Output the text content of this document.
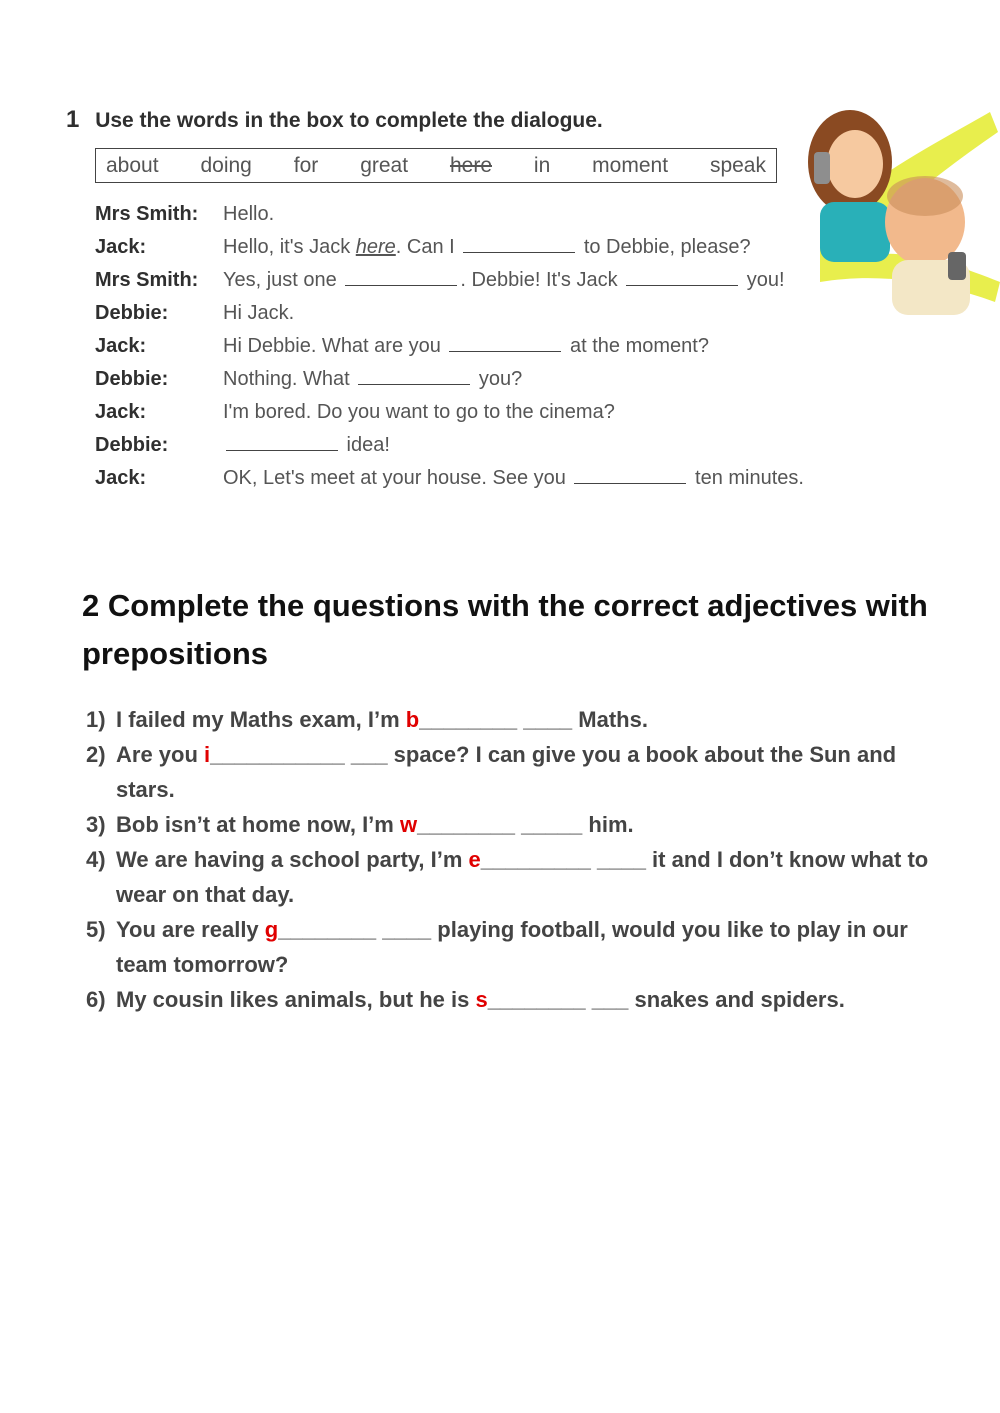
1 Use the words in the box to complete the dialogue.
about doing for great here in moment speak
Mrs Smith: Hello.
Jack:	Hello, it's Jack here. Can I	to Debbie, please?
Mrs Smith: Yes, just one	. Debbie! It's Jack	you!
Debbie:	Hi Jack.
Jack:	Hi Debbie. What are you	at the moment?
Debbie:	Nothing. What	you?
Jack:	I'm bored. Do you want to go to the cinema?
Debbie:	idea!
Jack:	OK, Let's meet at your house. See you	ten minutes.
2 Complete the questions with the correct adjectives with prepositions
1) I failed my Maths exam, I’m b________ ____ Maths.
2) Are you i___________ ___ space? I can give you a book about the Sun and stars.
3) Bob isn’t at home now, I’m w________ _____ him.
4) We are having a school party, I’m e_________ ____ it and I don’t know what to wear on that day.
5) You are really g________ ____ playing football, would you like to play in our team tomorrow?
6) My cousin likes animals, but he is s________ ___ snakes and spiders.
